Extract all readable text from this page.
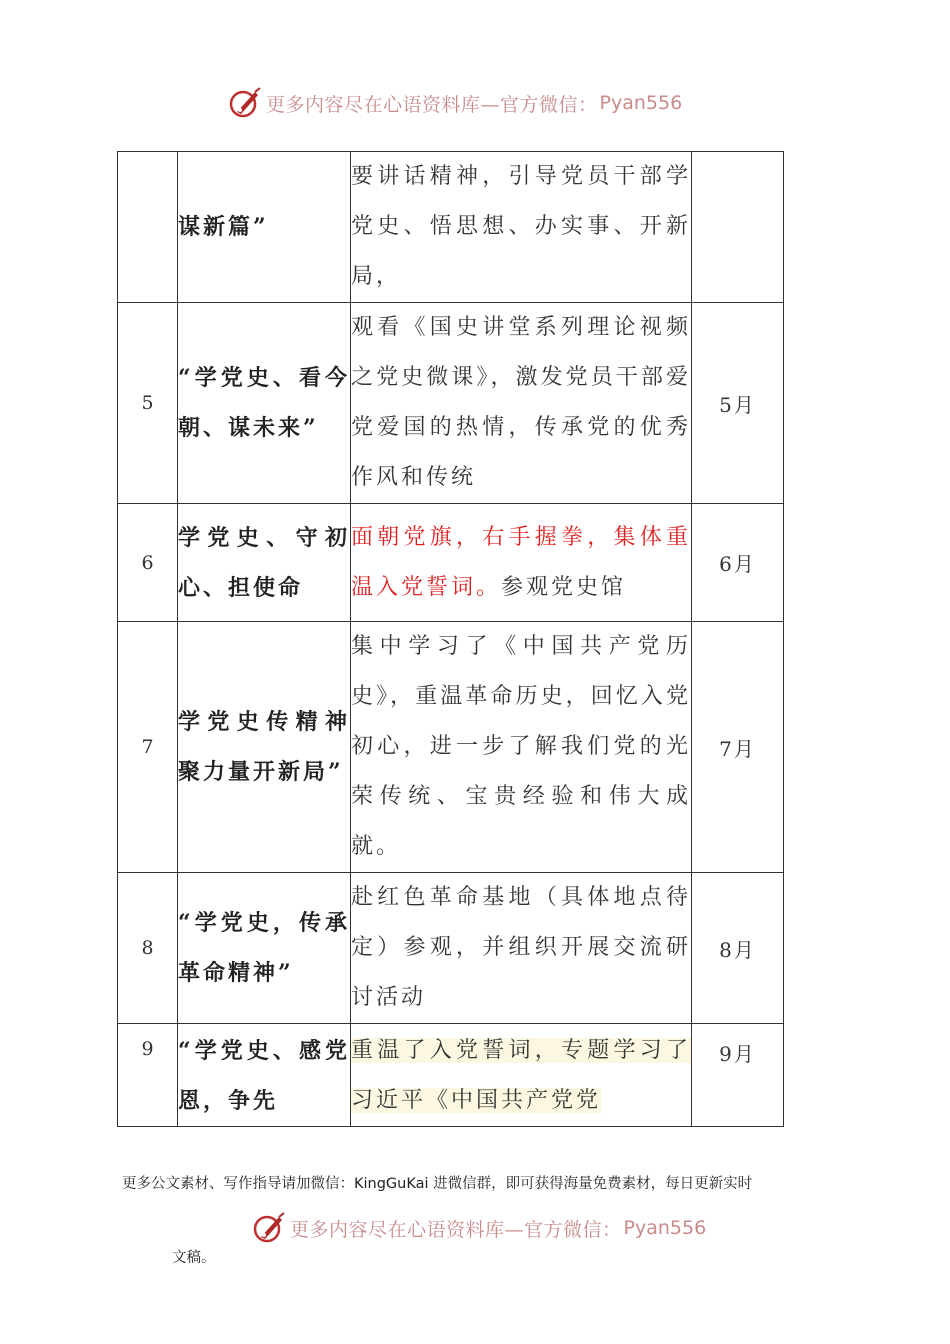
更多内容尽在心语资料库—官方微信： Pyan556
	谋新篇”	要讲话精神，引导党员干部学党史、悟思想、办实事、开新局，	
5	“学党史、看今朝、谋未来”	观看《国史讲堂系列理论视频之党史微课》，激发党员干部爱党爱国的热情，传承党的优秀作风和传统	5月
6	学党史、守初心、担使命	面朝党旗，右手握拳，集体重温入党誓词。参观党史馆	6月
7	学党史传精神聚力量开新局”	集中学习了《中国共产党历史》，重温革命历史，回忆入党初心，进一步了解我们党的光荣传统、宝贵经验和伟大成就。	7月
8	“学党史，传承革命精神”	赴红色革命基地（具体地点待定）参观，并组织开展交流研讨活动	8月
9	“学党史、感党恩，争先	重温了入党誓词，专题学习了习近平《中国共产党党	9月
更多公文素材、写作指导请加微信：KingGuKai 进微信群，即可获得海量免费素材，每日更新实时
更多内容尽在心语资料库—官方微信： Pyan556
文稿。
